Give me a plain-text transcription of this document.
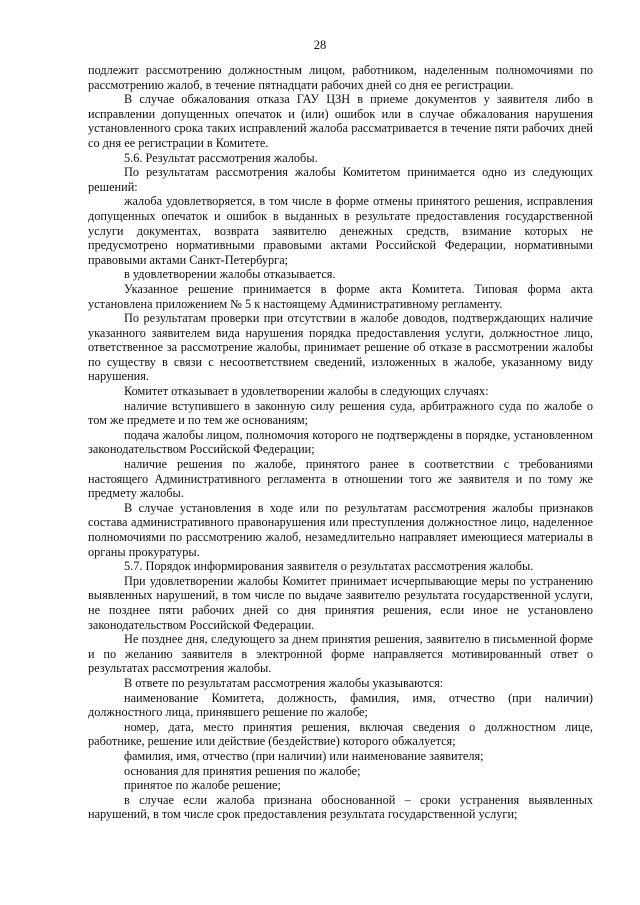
28

подлежит рассмотрению должностным лицом, работником, наделенным полномочиями по рассмотрению жалоб, в течение пятнадцати рабочих дней со дня ее регистрации.

В случае обжалования отказа ГАУ ЦЗН в приеме документов у заявителя либо в исправлении допущенных опечаток и (или) ошибок или в случае обжалования нарушения установленного срока таких исправлений жалоба рассматривается в течение пяти рабочих дней со дня ее регистрации в Комитете.

5.6. Результат рассмотрения жалобы.

По результатам рассмотрения жалобы Комитетом принимается одно из следующих решений:

жалоба удовлетворяется, в том числе в форме отмены принятого решения, исправления допущенных опечаток и ошибок в выданных в результате предоставления государственной услуги документах, возврата заявителю денежных средств, взимание которых не предусмотрено нормативными правовыми актами Российской Федерации, нормативными правовыми актами Санкт-Петербурга;

в удовлетворении жалобы отказывается.

Указанное решение принимается в форме акта Комитета. Типовая форма акта установлена приложением № 5 к настоящему Административному регламенту.

По результатам проверки при отсутствии в жалобе доводов, подтверждающих наличие указанного заявителем вида нарушения порядка предоставления услуги, должностное лицо, ответственное за рассмотрение жалобы, принимает решение об отказе в рассмотрении жалобы по существу в связи с несоответствием сведений, изложенных в жалобе, указанному виду нарушения.

Комитет отказывает в удовлетворении жалобы в следующих случаях:

наличие вступившего в законную силу решения суда, арбитражного суда по жалобе о том же предмете и по тем же основаниям;

подача жалобы лицом, полномочия которого не подтверждены в порядке, установленном законодательством Российской Федерации;

наличие решения по жалобе, принятого ранее в соответствии с требованиями настоящего Административного регламента в отношении того же заявителя и по тому же предмету жалобы.

В случае установления в ходе или по результатам рассмотрения жалобы признаков состава административного правонарушения или преступления должностное лицо, наделенное полномочиями по рассмотрению жалоб, незамедлительно направляет имеющиеся материалы в органы прокуратуры.

5.7. Порядок информирования заявителя о результатах рассмотрения жалобы.

При удовлетворении жалобы Комитет принимает исчерпывающие меры по устранению выявленных нарушений, в том числе по выдаче заявителю результата государственной услуги, не позднее пяти рабочих дней со дня принятия решения, если иное не установлено законодательством Российской Федерации.

Не позднее дня, следующего за днем принятия решения, заявителю в письменной форме и по желанию заявителя в электронной форме направляется мотивированный ответ о результатах рассмотрения жалобы.

В ответе по результатам рассмотрения жалобы указываются:

наименование Комитета, должность, фамилия, имя, отчество (при наличии) должностного лица, принявшего решение по жалобе;

номер, дата, место принятия решения, включая сведения о должностном лице, работнике, решение или действие (бездействие) которого обжалуется;

фамилия, имя, отчество (при наличии) или наименование заявителя;

основания для принятия решения по жалобе;

принятое по жалобе решение;

в случае если жалоба признана обоснованной – сроки устранения выявленных нарушений, в том числе срок предоставления результата государственной услуги;
